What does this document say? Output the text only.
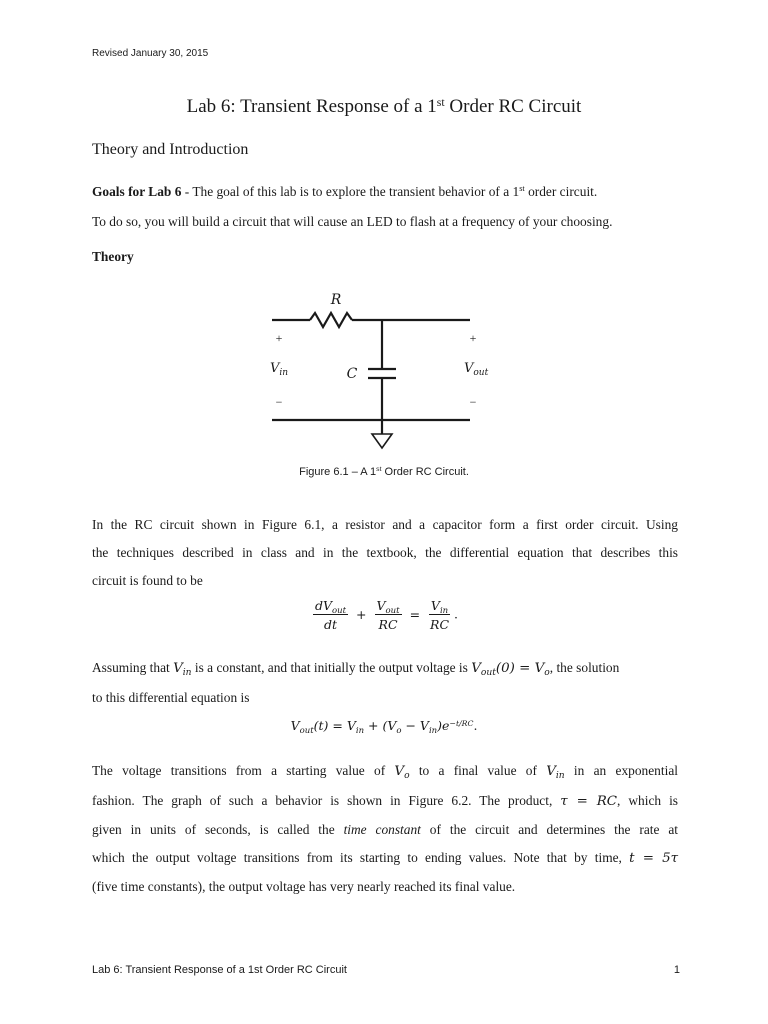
Revised January 30, 2015
Lab 6: Transient Response of a 1st Order RC Circuit
Theory and Introduction
Goals for Lab 6 - The goal of this lab is to explore the transient behavior of a 1st order circuit.
To do so, you will build a circuit that will cause an LED to flash at a frequency of your choosing.
Theory
R
C
+	+
−	−
$V_{in}$	$V_{out}$
Figure 6.1 – A 1st Order RC Circuit.
In the RC circuit shown in Figure 6.1, a resistor and a capacitor form a first order circuit. Using
the techniques described in class and in the textbook, the differential equation that describes this
circuit is found to be
$\frac{dV_{out}}{dt} + \frac{V_{out}}{RC} = \frac{V_{in}}{RC}$ .
Assuming that $V_{in}$ is a constant, and that initially the output voltage is $V_{out}(0) = V_o$, the solution
to this differential equation is
$V_{out}(t) = V_{in} + (V_o - V_{in})e^{-t/RC}$.
The voltage transitions from a starting value of $V_o$ to a final value of $V_{in}$ in an exponential
fashion. The graph of such a behavior is shown in Figure 6.2. The product, τ = RC, which is
given in units of seconds, is called the time constant of the circuit and determines the rate at
which the output voltage transitions from its starting to ending values. Note that by time, t = 5τ
(five time constants), the output voltage has very nearly reached its final value.
Lab 6: Transient Response of a 1st Order RC Circuit	1
